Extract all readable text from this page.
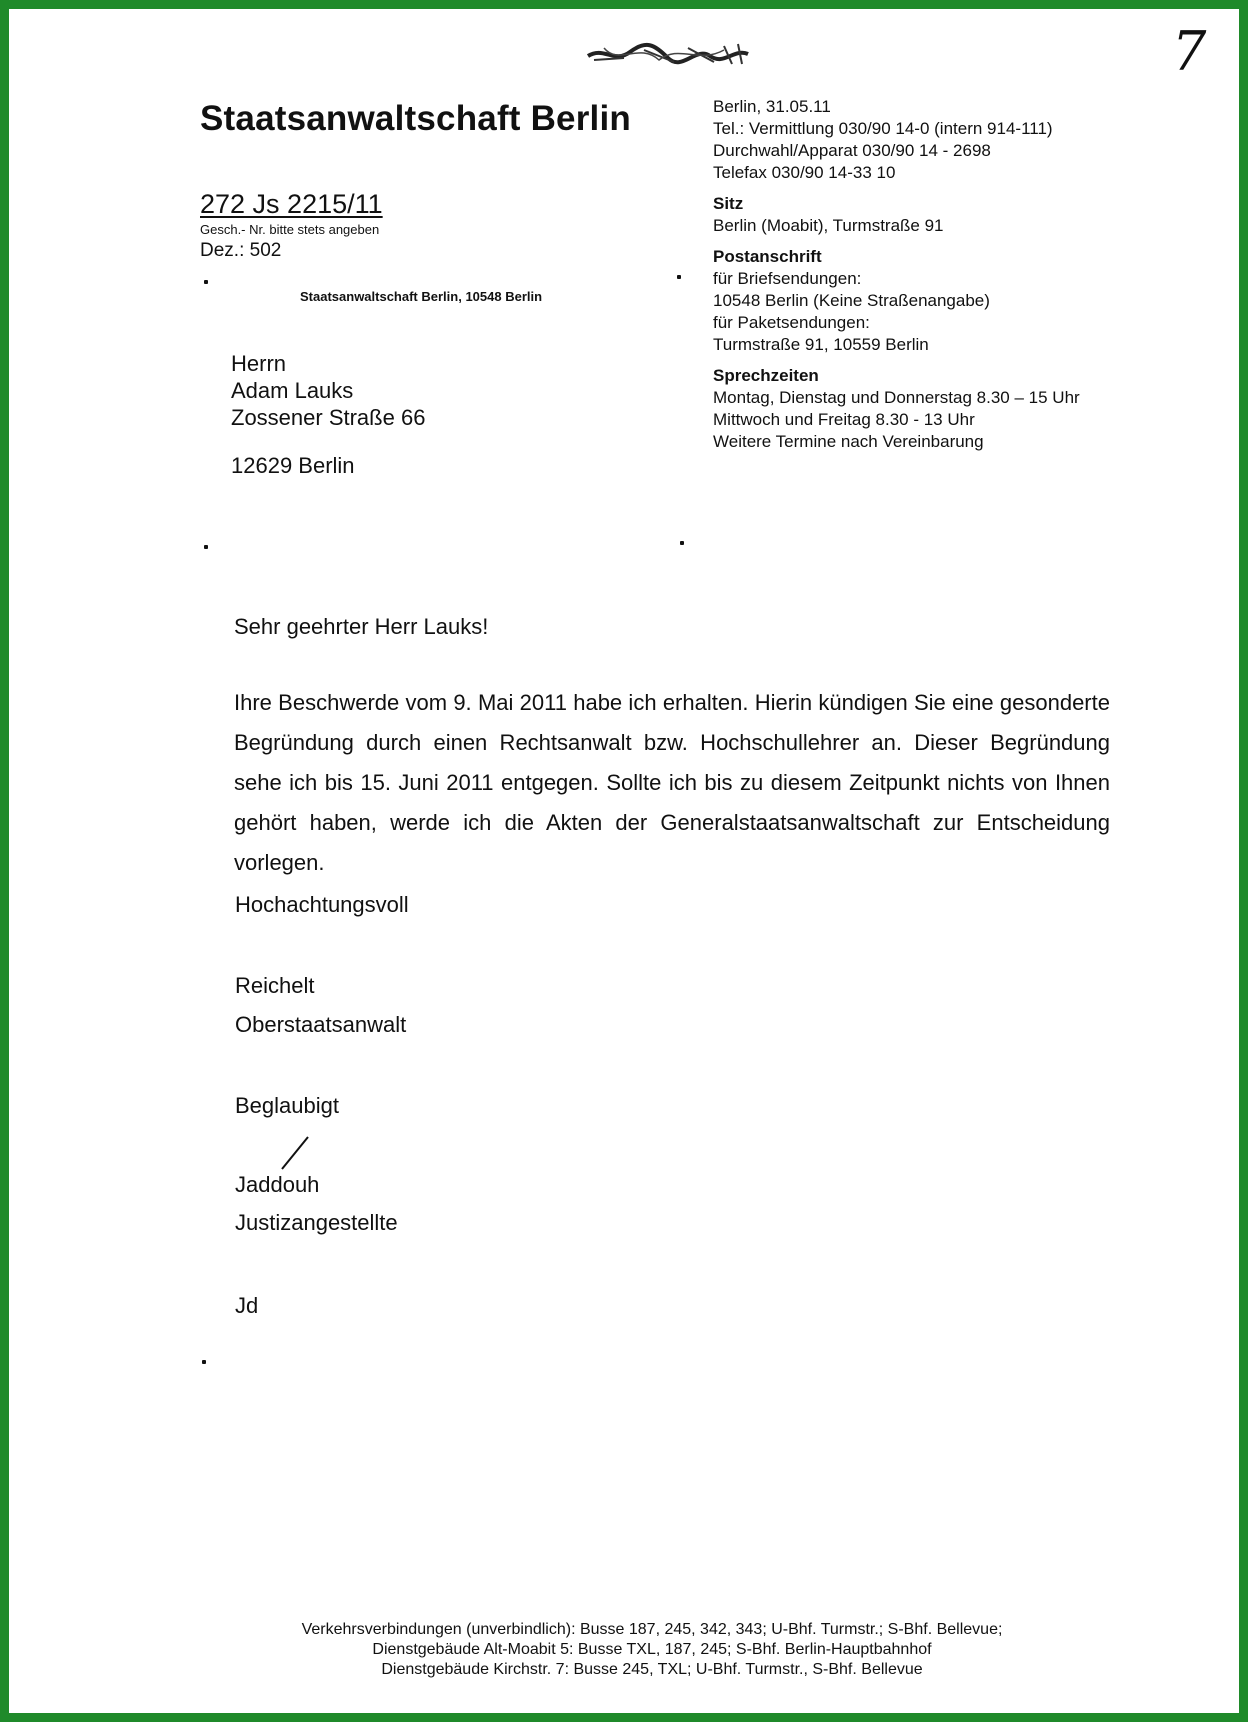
7
Staatsanwaltschaft Berlin
272 Js 2215/11
Gesch.- Nr. bitte stets angeben
Dez.: 502
Staatsanwaltschaft Berlin, 10548 Berlin
Berlin, 31.05.11
Tel.: Vermittlung 030/90 14-0 (intern 914-111)
Durchwahl/Apparat 030/90 14 - 2698
Telefax 030/90 14-33 10
Sitz
Berlin (Moabit), Turmstraße 91
Postanschrift
für Briefsendungen:
10548 Berlin (Keine Straßenangabe)
für Paketsendungen:
Turmstraße 91, 10559 Berlin
Sprechzeiten
Montag, Dienstag und Donnerstag 8.30 – 15 Uhr
Mittwoch und Freitag 8.30 - 13 Uhr
Weitere Termine nach Vereinbarung
Herrn
Adam Lauks
Zossener Straße 66
12629 Berlin
Sehr geehrter Herr Lauks!
Ihre Beschwerde vom 9. Mai 2011 habe ich erhalten. Hierin kündigen Sie eine gesonderte Begründung durch einen Rechtsanwalt bzw. Hochschullehrer an. Dieser Begründung sehe ich bis 15. Juni 2011 entgegen. Sollte ich bis zu diesem Zeitpunkt nichts von Ihnen gehört haben, werde ich die Akten der Generalstaatsanwaltschaft zur Entscheidung vorlegen.
Hochachtungsvoll
Reichelt
Oberstaatsanwalt
Beglaubigt
Jaddouh
Justizangestellte
Jd
Verkehrsverbindungen (unverbindlich): Busse 187, 245, 342, 343; U-Bhf. Turmstr.; S-Bhf. Bellevue;
Dienstgebäude Alt-Moabit 5: Busse TXL, 187, 245; S-Bhf. Berlin-Hauptbahnhof
Dienstgebäude Kirchstr. 7: Busse 245, TXL; U-Bhf. Turmstr., S-Bhf. Bellevue
